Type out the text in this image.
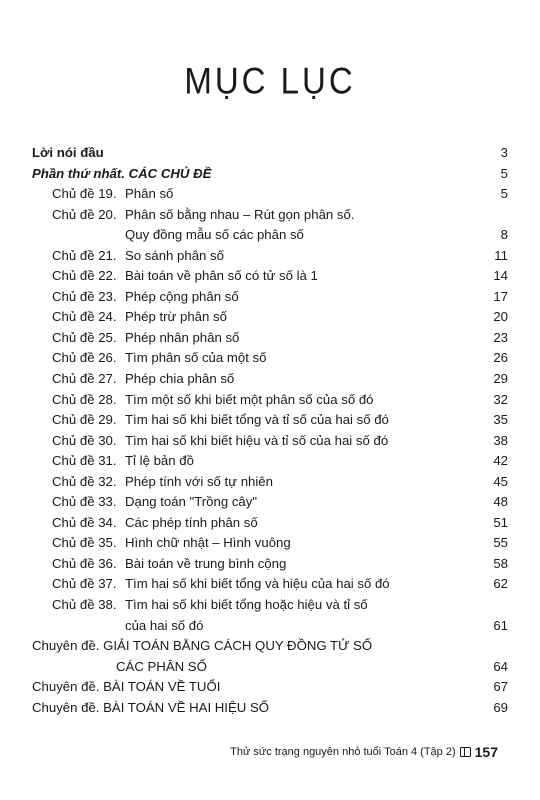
MỤC LỤC
Lời nói đầu	3
Phần thứ nhất. CÁC CHỦ ĐỀ	5
Chủ đề 19. Phân số	5
Chủ đề 20. Phân số bằng nhau – Rút gọn phân số.
Quy đồng mẫu số các phân số	8
Chủ đề 21. So sánh phân số	11
Chủ đề 22. Bài toán về phân số có tử số là 1	14
Chủ đề 23. Phép cộng phân số	17
Chủ đề 24. Phép trừ phân số	20
Chủ đề 25. Phép nhân phân số	23
Chủ đề 26. Tìm phân số của một số	26
Chủ đề 27. Phép chia phân số	29
Chủ đề 28. Tìm một số khi biết một phân số của số đó	32
Chủ đề 29. Tìm hai số khi biết tổng và tỉ số của hai số đó	35
Chủ đề 30. Tìm hai số khi biết hiệu và tỉ số của hai số đó	38
Chủ đề 31. Tỉ lệ bản đồ	42
Chủ đề 32. Phép tính với số tự nhiên	45
Chủ đề 33. Dạng toán "Trồng cây"	48
Chủ đề 34. Các phép tính phân số	51
Chủ đề 35. Hình chữ nhật – Hình vuông	55
Chủ đề 36. Bài toán về trung bình cộng	58
Chủ đề 37. Tìm hai số khi biết tổng và hiệu của hai số đó	62
Chủ đề 38. Tìm hai số khi biết tổng hoặc hiệu và tỉ số
của hai số đó	61
Chuyên đề. GIẢI TOÁN BẰNG CÁCH QUY ĐỒNG TỬ SỐ
CÁC PHÂN SỐ	64
Chuyên đề. BÀI TOÁN VỀ TUỔI	67
Chuyên đề. BÀI TOÁN VỀ HAI HIỆU SỐ	69
Thử sức trạng nguyên nhỏ tuổi Toán 4 (Tập 2) 157
